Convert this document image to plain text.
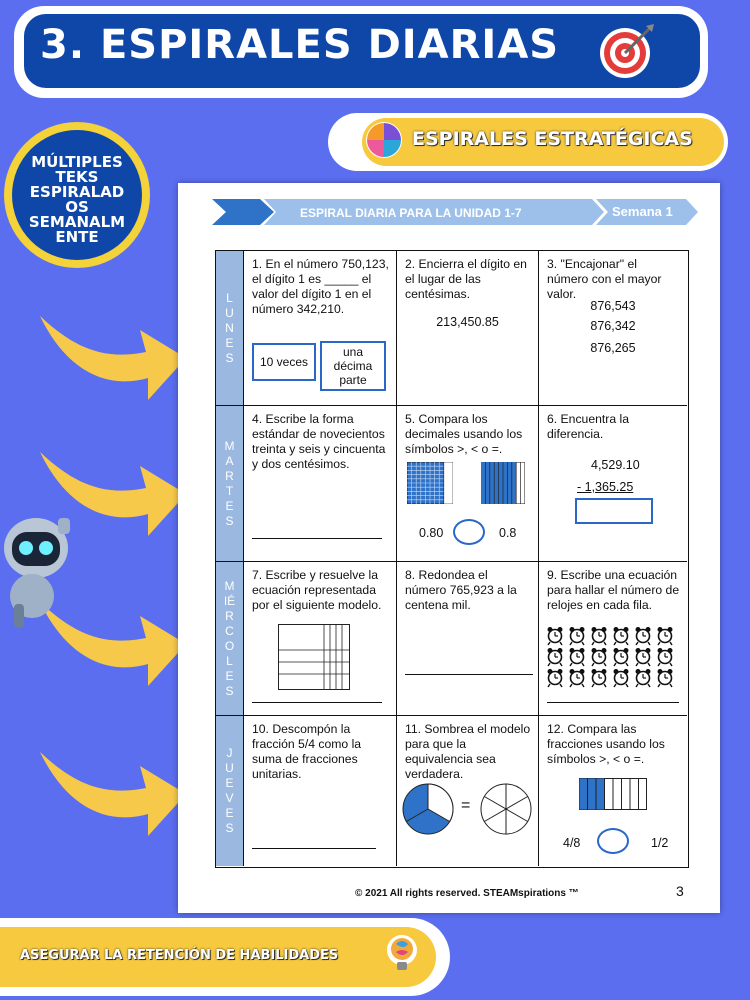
3. ESPIRALES DIARIAS
ESPIRALES ESTRATÉGICAS
MÚLTIPLES
TEKS
ESPIRALAD
OS
SEMANALM
ENTE
ESPIRAL DIARIA PARA LA UNIDAD 1-7	Semana 1
LUNES
1. En el número 750,123, el dígito 1 es _____ el valor del dígito 1 en el número 342,210.
10 veces
una décima parte
2. Encierra el dígito en el lugar de las centésimas.
213,450.85
3. "Encajonar" el número con el mayor valor.
876,543
876,342
876,265
MARTES
4. Escribe la forma estándar de novecientos treinta y seis y cincuenta y dos centésimos.
5. Compara los decimales usando los símbolos >, < o =.
0.80	0.8
6. Encuentra la diferencia.
4,529.10
- 1,365.25
MIÉRCOLES
7. Escribe y resuelve la ecuación representada por el siguiente modelo.
8. Redondea el número 765,923 a la centena mil.
9. Escribe una ecuación para hallar el número de relojes en cada fila.
JUEVES
10. Descompón la fracción 5/4 como la suma de fracciones unitarias.
11. Sombrea el modelo para que la equivalencia sea verdadera.
=
12. Compara las fracciones usando los símbolos >, < o =.
4/8	1/2
© 2021 All rights reserved. STEAMspirations ™	3
ASEGURAR LA RETENCIÓN DE HABILIDADES
